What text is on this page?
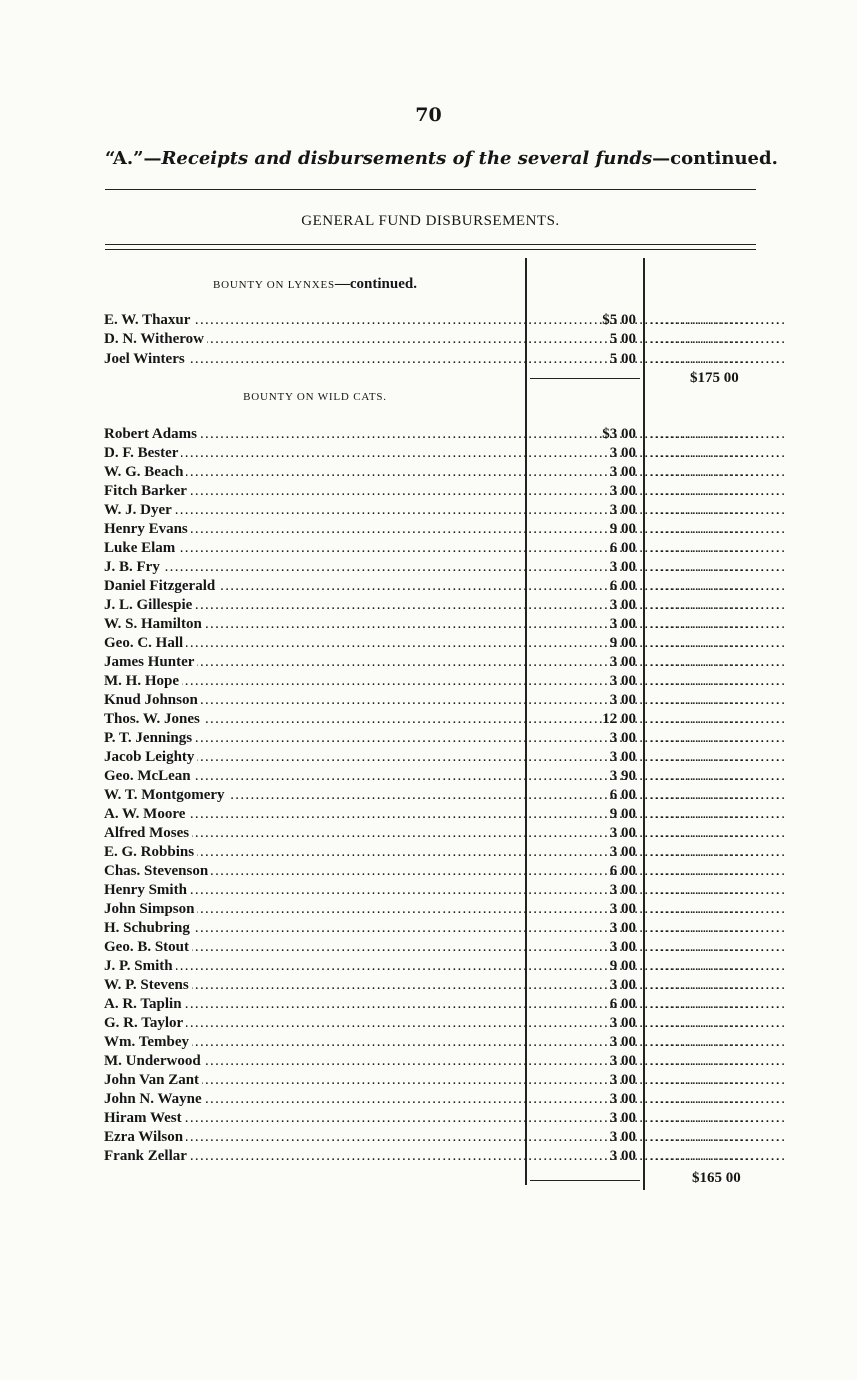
70
“A.”—Receipts and disbursements of the several funds—continued.
GENERAL FUND DISBURSEMENTS.
BOUNTY ON LYNXES—continued.
E. W. Thaxur .....	$5 00 ..........................
D. N. Witherow .....	5 00 ..........................
Joel Winters .....	5 00 ..........................
$175 00
BOUNTY ON WILD CATS.
Robert Adams .....	$3 00 ..........................
D. F. Bester .....	3 00 ..........................
W. G. Beach .....	3 00 ..........................
Fitch Barker .....	3 00 ..........................
W. J. Dyer .....	3 00 ..........................
Henry Evans .....	9 00 ..........................
Luke Elam .....	6 00 ..........................
J. B. Fry .....	3 00 ..........................
Daniel Fitzgerald .....	6 00 ..........................
J. L. Gillespie .....	3 00 ..........................
W. S. Hamilton .....	3 00 ..........................
Geo. C. Hall .....	9 00 ..........................
James Hunter .....	3 00 ..........................
M. H. Hope .....	3 00 ..........................
Knud Johnson .....	3 00 ..........................
Thos. W. Jones .....	12 00 ..........................
P. T. Jennings .....	3 00 ..........................
Jacob Leighty .....	3 00 ..........................
Geo. McLean .....	3 90 ..........................
W. T. Montgomery .....	6 00 ..........................
A. W. Moore .....	9 00 ..........................
Alfred Moses .....	3 00 ..........................
E. G. Robbins .....	3 00 ..........................
Chas. Stevenson .....	6 00 ..........................
Henry Smith .....	3 00 ..........................
John Simpson .....	3 00 ..........................
H. Schubring .....	3 00 ..........................
Geo. B. Stout .....	3 00 ..........................
J. P. Smith .....	9 00 ..........................
W. P. Stevens .....	3 00 ..........................
A. R. Taplin .....	6 00 ..........................
G. R. Taylor .....	3 00 ..........................
Wm. Tembey .....	3 00 ..........................
M. Underwood .....	3 00 ..........................
John Van Zant .....	3 00 ..........................
John N. Wayne .....	3 00 ..........................
Hiram West .....	3 00 ..........................
Ezra Wilson .....	3 00 ..........................
Frank Zellar .....	3 00 ..........................
$165 00
